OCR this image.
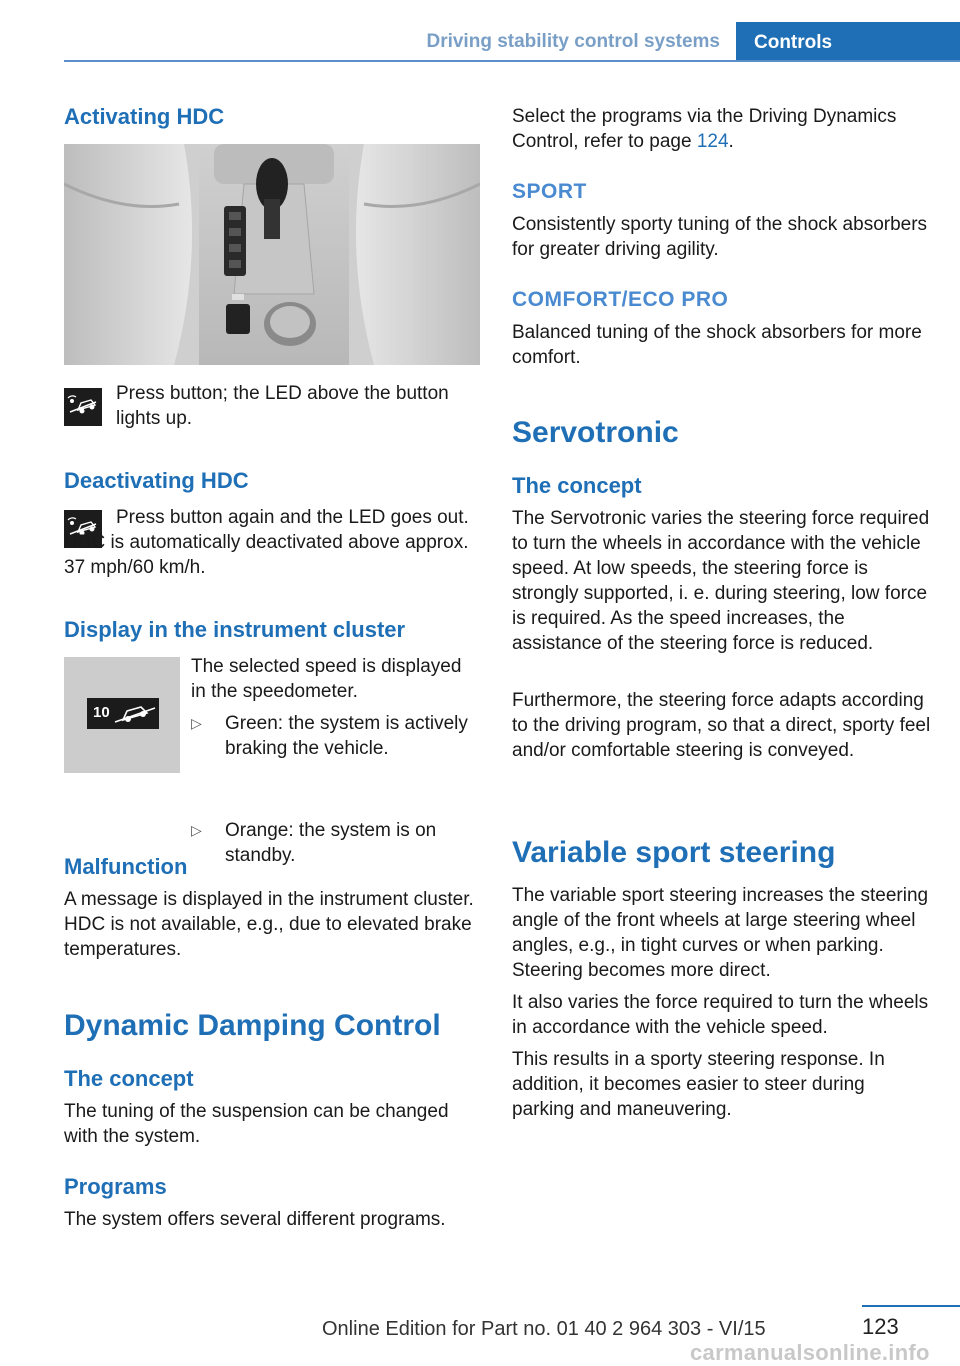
Driving stability control systems	Controls
Activating HDC

Press button; the LED above the button lights up.

Deactivating HDC

Press button again and the LED goes out. HDC is automatically deactivated above approx. 37 mph/60 km/h.

Display in the instrument cluster
10

The selected speed is displayed in the speedometer.

▷ Green: the system is actively braking the vehicle.
▷ Orange: the system is on standby.
Malfunction

A message is displayed in the instrument cluster. HDC is not available, e.g., due to elevated brake temperatures.

Dynamic Damping Control
The concept

The tuning of the suspension can be changed with the system.

Programs

The system offers several different programs.

Select the programs via the Driving Dynamics Control, refer to page 124.

SPORT

Consistently sporty tuning of the shock absorbers for greater driving agility.

COMFORT/ECO PRO

Balanced tuning of the shock absorbers for more comfort.

Servotronic
The concept

The Servotronic varies the steering force required to turn the wheels in accordance with the vehicle speed. At low speeds, the steering force is strongly supported, i. e. during steering, low force is required. As the speed increases, the assistance of the steering force is reduced.

Furthermore, the steering force adapts according to the driving program, so that a direct, sporty feel and/or comfortable steering is conveyed.

Variable sport steering

The variable sport steering increases the steering angle of the front wheels at large steering wheel angles, e.g., in tight curves or when parking. Steering becomes more direct.

It also varies the force required to turn the wheels in accordance with the vehicle speed.

This results in a sporty steering response. In addition, it becomes easier to steer during parking and maneuvering.

123
Online Edition for Part no. 01 40 2 964 303 - VI/15
carmanualsonline.info
